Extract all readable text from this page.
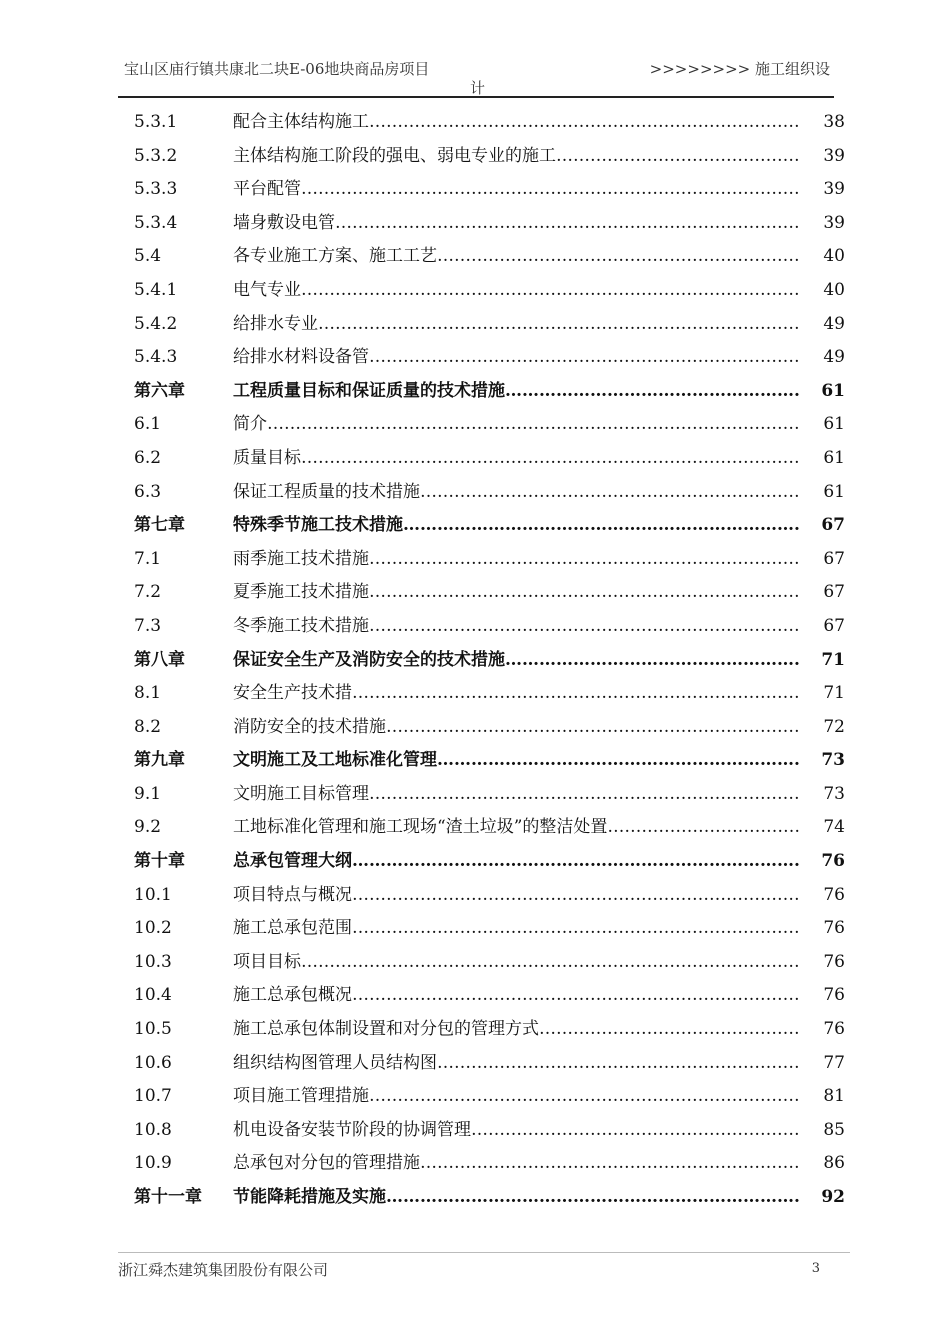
宝山区庙行镇共康北二块E-06地块商品房项目	>>>>>>>> 施工组织设
计
5.3.1	配合主体结构施工 …………………………………………………………………………………………………………………………………………	38
5.3.2	主体结构施工阶段的强电、弱电专业的施工 …………………………………………………………………………………………………………………………………………	39
5.3.3	平台配管 …………………………………………………………………………………………………………………………………………	39
5.3.4	墙身敷设电管 …………………………………………………………………………………………………………………………………………	39
5.4	各专业施工方案、施工工艺 …………………………………………………………………………………………………………………………………………	40
5.4.1	电气专业 …………………………………………………………………………………………………………………………………………	40
5.4.2	给排水专业 …………………………………………………………………………………………………………………………………………	49
5.4.3	给排水材料设备管 …………………………………………………………………………………………………………………………………………	49
第六章	工程质量目标和保证质量的技术措施 …………………………………………………………………………………………………………………………………………	61
6.1	简介 …………………………………………………………………………………………………………………………………………	61
6.2	质量目标 …………………………………………………………………………………………………………………………………………	61
6.3	保证工程质量的技术措施 …………………………………………………………………………………………………………………………………………	61
第七章	特殊季节施工技术措施 …………………………………………………………………………………………………………………………………………	67
7.1	雨季施工技术措施 …………………………………………………………………………………………………………………………………………	67
7.2	夏季施工技术措施 …………………………………………………………………………………………………………………………………………	67
7.3	冬季施工技术措施 …………………………………………………………………………………………………………………………………………	67
第八章	保证安全生产及消防安全的技术措施 …………………………………………………………………………………………………………………………………………	71
8.1	安全生产技术措 …………………………………………………………………………………………………………………………………………	71
8.2	消防安全的技术措施 …………………………………………………………………………………………………………………………………………	72
第九章	文明施工及工地标准化管理 …………………………………………………………………………………………………………………………………………	73
9.1	文明施工目标管理 …………………………………………………………………………………………………………………………………………	73
9.2	工地标准化管理和施工现场“渣土垃圾”的整洁处置 …………………………………………………………………………………………………………………………………………	74
第十章	总承包管理大纲 …………………………………………………………………………………………………………………………………………	76
10.1	项目特点与概况 …………………………………………………………………………………………………………………………………………	76
10.2	施工总承包范围 …………………………………………………………………………………………………………………………………………	76
10.3	项目目标 …………………………………………………………………………………………………………………………………………	76
10.4	施工总承包概况 …………………………………………………………………………………………………………………………………………	76
10.5	施工总承包体制设置和对分包的管理方式 …………………………………………………………………………………………………………………………………………	76
10.6	组织结构图管理人员结构图 …………………………………………………………………………………………………………………………………………	77
10.7	项目施工管理措施 …………………………………………………………………………………………………………………………………………	81
10.8	机电设备安装节阶段的协调管理 …………………………………………………………………………………………………………………………………………	85
10.9	总承包对分包的管理措施 …………………………………………………………………………………………………………………………………………	86
第十一章 节能降耗措施及实施 …………………………………………………………………………………………………………………………………………	92
浙江舜杰建筑集团股份有限公司	3
